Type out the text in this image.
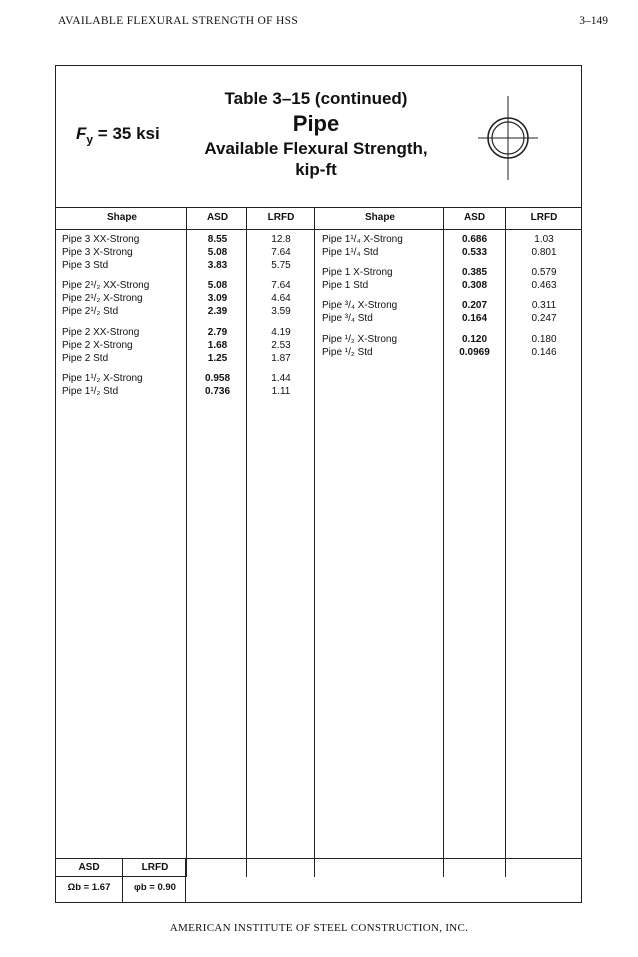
AVAILABLE FLEXURAL STRENGTH OF HSS	3–149
$F_y = 35$ ksi
Table 3–15 (continued)
Pipe
Available Flexural Strength,
kip-ft
Shape	ASD	LRFD	Shape	ASD	LRFD
Pipe 3 XX-Strong	8.55	12.8
Pipe 3 X-Strong	5.08	7.64
Pipe 3 Std	3.83	5.75
Pipe 2¹/₂ XX-Strong	5.08	7.64
Pipe 2¹/₂ X-Strong	3.09	4.64
Pipe 2¹/₂ Std	2.39	3.59
Pipe 2 XX-Strong	2.79	4.19
Pipe 2 X-Strong	1.68	2.53
Pipe 2 Std	1.25	1.87
Pipe 1¹/₂ X-Strong	0.958	1.44
Pipe 1¹/₂ Std	0.736	1.11
Pipe 1¹/₄ X-Strong	0.686	1.03
Pipe 1¹/₄ Std	0.533	0.801
Pipe 1 X-Strong	0.385	0.579
Pipe 1 Std	0.308	0.463
Pipe ³/₄ X-Strong	0.207	0.311
Pipe ³/₄ Std	0.164	0.247
Pipe ¹/₂ X-Strong	0.120	0.180
Pipe ¹/₂ Std	0.0969	0.146
ASD	LRFD
Ωb = 1.67	φb = 0.90
AMERICAN INSTITUTE OF STEEL CONSTRUCTION, INC.
